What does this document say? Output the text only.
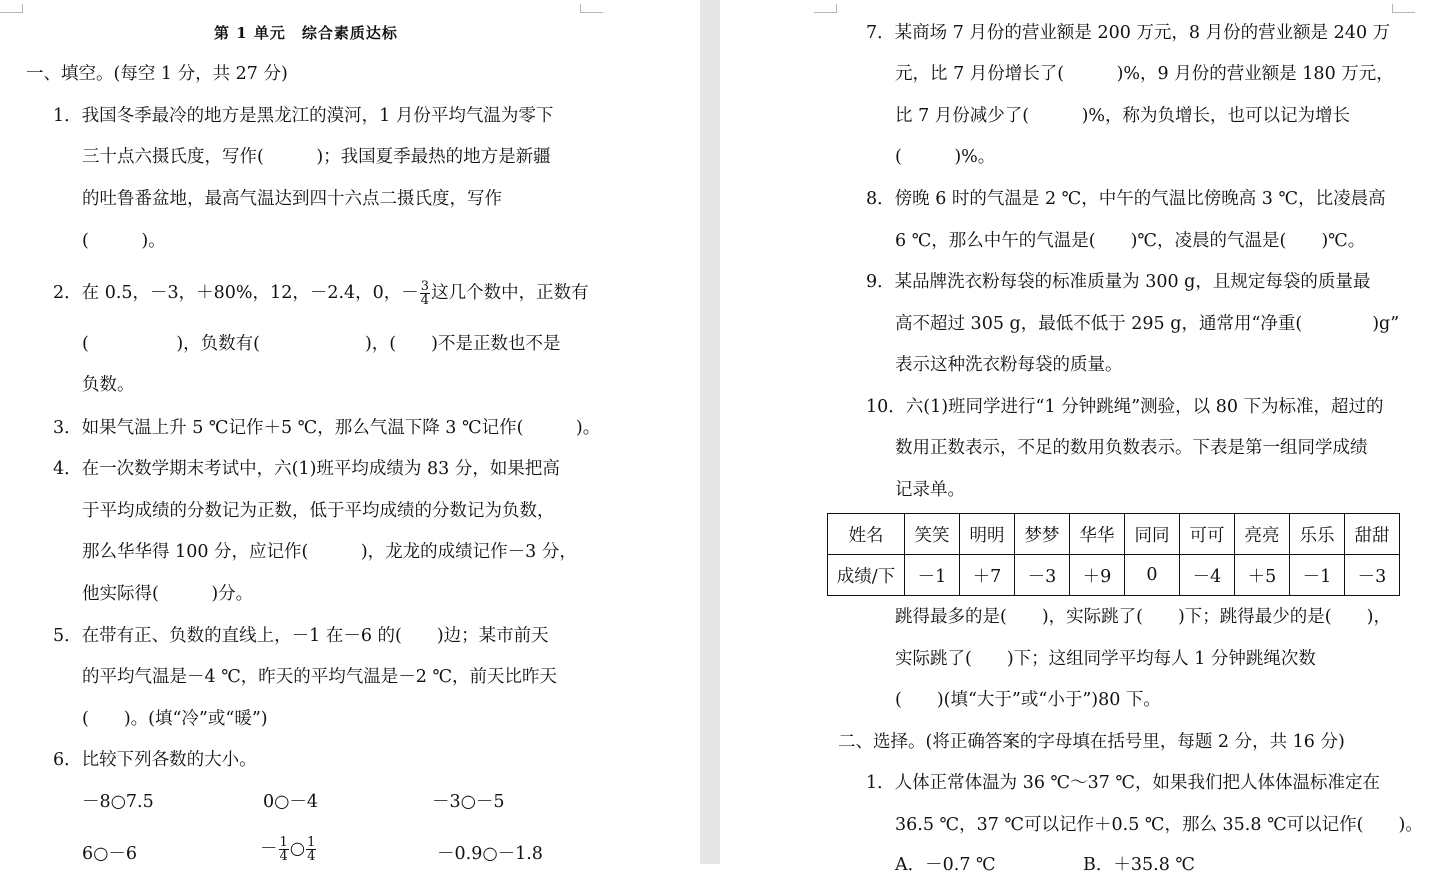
第 1 单元　综合素质达标
一、填空。(每空 1 分，共 27 分)
1．我国冬季最冷的地方是黑龙江的漠河，1 月份平均气温为零下
三十点六摄氏度，写作(　　　)；我国夏季最热的地方是新疆
的吐鲁番盆地，最高气温达到四十六点二摄氏度，写作
(　　　)。
2．在 0.5，－3，＋80%，12，－2.4，0，－ $\frac{3}{4}$ 这几个数中，正数有
(　　　　　)，负数有(　　　　　　)，(　　)不是正数也不是
负数。
3．如果气温上升 5 ℃记作＋5 ℃，那么气温下降 3 ℃记作(　　　)。
4．在一次数学期末考试中，六(1)班平均成绩为 83 分，如果把高
于平均成绩的分数记为正数，低于平均成绩的分数记为负数，
那么华华得 100 分，应记作(　　　)，龙龙的成绩记作－3 分，
他实际得(　　　)分。
5．在带有正、负数的直线上，－1 在－6 的(　　)边；某市前天
的平均气温是－4 ℃，昨天的平均气温是－2 ℃，前天比昨天
(　　)。(填“冷”或“暖”)
6．比较下列各数的大小。
－8○7.5	0○－4	－3○－5
6○－6	－ $\frac{1}{4}$ ○ $\frac{1}{4}$	－0.9○－1.8
7．某商场 7 月份的营业额是 200 万元，8 月份的营业额是 240 万
元，比 7 月份增长了(　　　)%，9 月份的营业额是 180 万元，
比 7 月份减少了(　　　)%，称为负增长，也可以记为增长
(　　　)%。
8．傍晚 6 时的气温是 2 ℃，中午的气温比傍晚高 3 ℃，比凌晨高
6 ℃，那么中午的气温是(　　)℃，凌晨的气温是(　　)℃。
9．某品牌洗衣粉每袋的标准质量为 300 g，且规定每袋的质量最
高不超过 305 g，最低不低于 295 g，通常用“净重(　　　　)g”
表示这种洗衣粉每袋的质量。
10．六(1)班同学进行“1 分钟跳绳”测验，以 80 下为标准，超过的
数用正数表示，不足的数用负数表示。下表是第一组同学成绩
记录单。
姓名	笑笑	明明	梦梦	华华	同同	可可	亮亮	乐乐	甜甜
成绩/下	－1	＋7	－3	＋9	0	－4	＋5	－1	－3
跳得最多的是(　　)，实际跳了(　　)下；跳得最少的是(　　)，
实际跳了(　　)下；这组同学平均每人 1 分钟跳绳次数
(　　)(填“大于”或“小于”)80 下。
二、选择。(将正确答案的字母填在括号里，每题 2 分，共 16 分)
1．人体正常体温为 36 ℃～37 ℃，如果我们把人体体温标准定在
36.5 ℃，37 ℃可以记作＋0.5 ℃，那么 35.8 ℃可以记作(　　)。
A．－0.7 ℃	B．＋35.8 ℃
